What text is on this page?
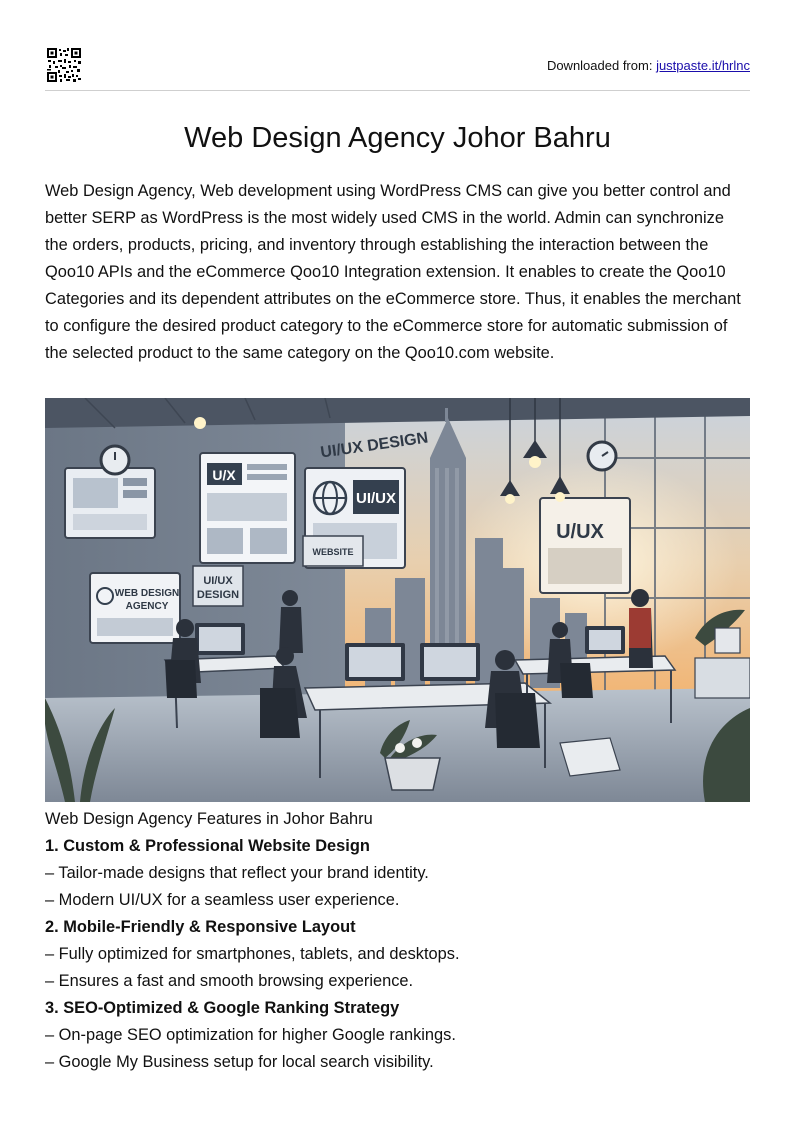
Downloaded from: justpaste.it/hrlnc
Web Design Agency Johor Bahru

Web Design Agency, Web development using WordPress CMS can give you better control and better SERP as WordPress is the most widely used CMS in the world. Admin can synchronize the orders, products, pricing, and inventory through establishing the interaction between the Qoo10 APIs and the eCommerce Qoo10 Integration extension. It enables to create the Qoo10 Categories and its dependent attributes on the eCommerce store. Thus, it enables the merchant to configure the desired product category to the eCommerce store for automatic submission of the selected product to the same category on the Qoo10.com website.

U/X
UI/UX
UI/UX DESIGN
WEBSITE
WEB DESIGN
AGENCY
UI/UX
DESIGN
U/UX

Web Design Agency Features in Johor Bahru

1. Custom & Professional Website Design

– Tailor-made designs that reflect your brand identity.

– Modern UI/UX for a seamless user experience.

2. Mobile-Friendly & Responsive Layout

– Fully optimized for smartphones, tablets, and desktops.

– Ensures a fast and smooth browsing experience.

3. SEO-Optimized & Google Ranking Strategy

– On-page SEO optimization for higher Google rankings.

– Google My Business setup for local search visibility.
